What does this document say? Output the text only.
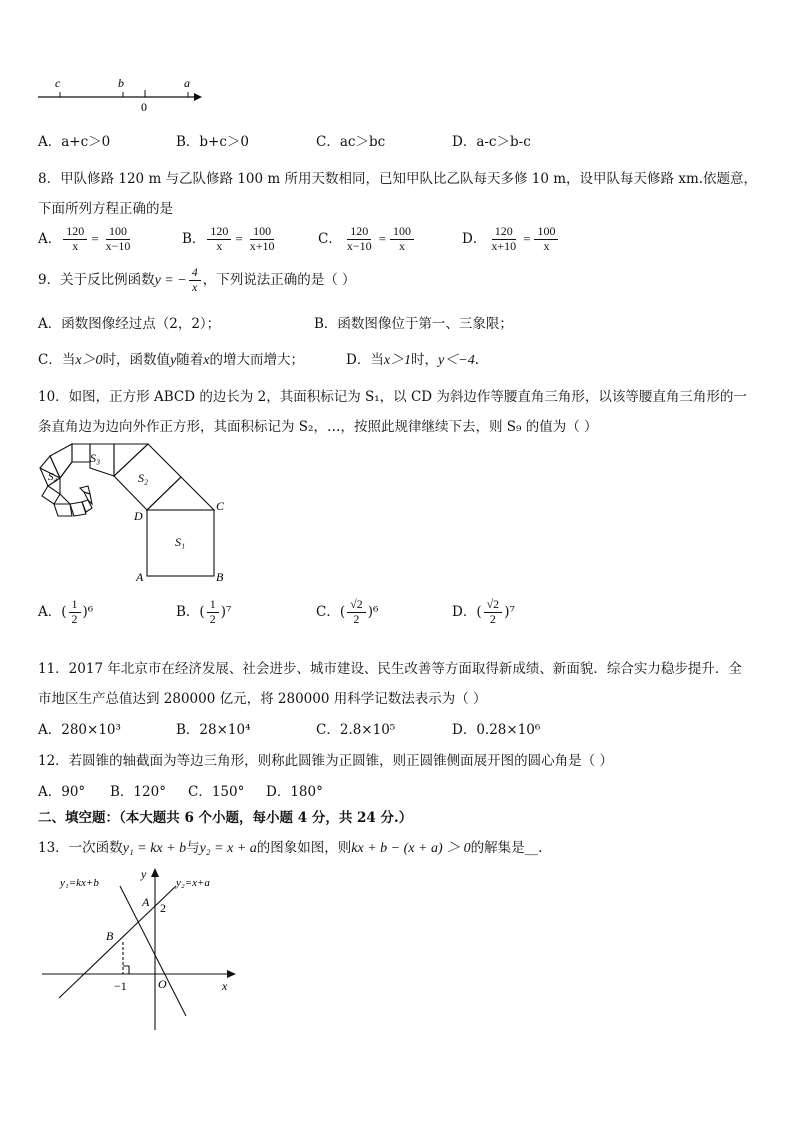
c	b	a
0
A．a+c＞0	B．b+c＞0	C．ac＞bc	D．a-c＞b-c
8．甲队修路 120 m 与乙队修路 100 m 所用天数相同，已知甲队比乙队每天多修 10 m，设甲队每天修路 xm.依题意，
下面所列方程正确的是
A． $\frac{120}{x} = \frac{100}{x-10}$	B． $\frac{120}{x} = \frac{100}{x+10}$	C． $\frac{120}{x-10} = \frac{100}{x}$	D． $\frac{120}{x+10} = \frac{100}{x}$
9．关于反比例函数y = − $\frac{4}{x}$ ，下列说法正确的是（ ）
A．函数图像经过点（2，2）；	B．函数图像位于第一、三象限；
C．当x＞0时，函数值y随着x的增大而增大；	D．当x＞1时，y＜−4.
10．如图，正方形 ABCD 的边长为 2，其面积标记为 S₁，以 CD 为斜边作等腰直角三角形，以该等腰直角三角形的一
条直角边为边向外作正方形，其面积标记为 S₂，…，按照此规律继续下去，则 S₉ 的值为（ ）
S₁
S₂
S₃
S₄
A	B
C
D
A．( $\frac{1}{2} )^6$	B．( $\frac{1}{2} )^7$	C．( $\frac{√2}{2} )^6$	D．( $\frac{√2}{2} )^7$
11．2017 年北京市在经济发展、社会进步、城市建设、民生改善等方面取得新成绩、新面貌．综合实力稳步提升．全
市地区生产总值达到 280000 亿元，将 280000 用科学记数法表示为（ ）
A．280×10³	B．28×10⁴	C．2.8×10⁵	D．0.28×10⁶
12．若圆锥的轴截面为等边三角形，则称此圆锥为正圆锥，则正圆锥侧面展开图的圆心角是（ ）
A．90° B．120° C．150° D．180°
二、填空题：（本大题共 6 个小题，每小题 4 分，共 24 分.）
13．一次函数y₁ = kx + b与y₂ = x + a的图象如图，则kx + b − (x + a) ＞ 0的解集是__.
y₁=kx+b	y₂=x+a
y
x
O
A
B
2
−1
